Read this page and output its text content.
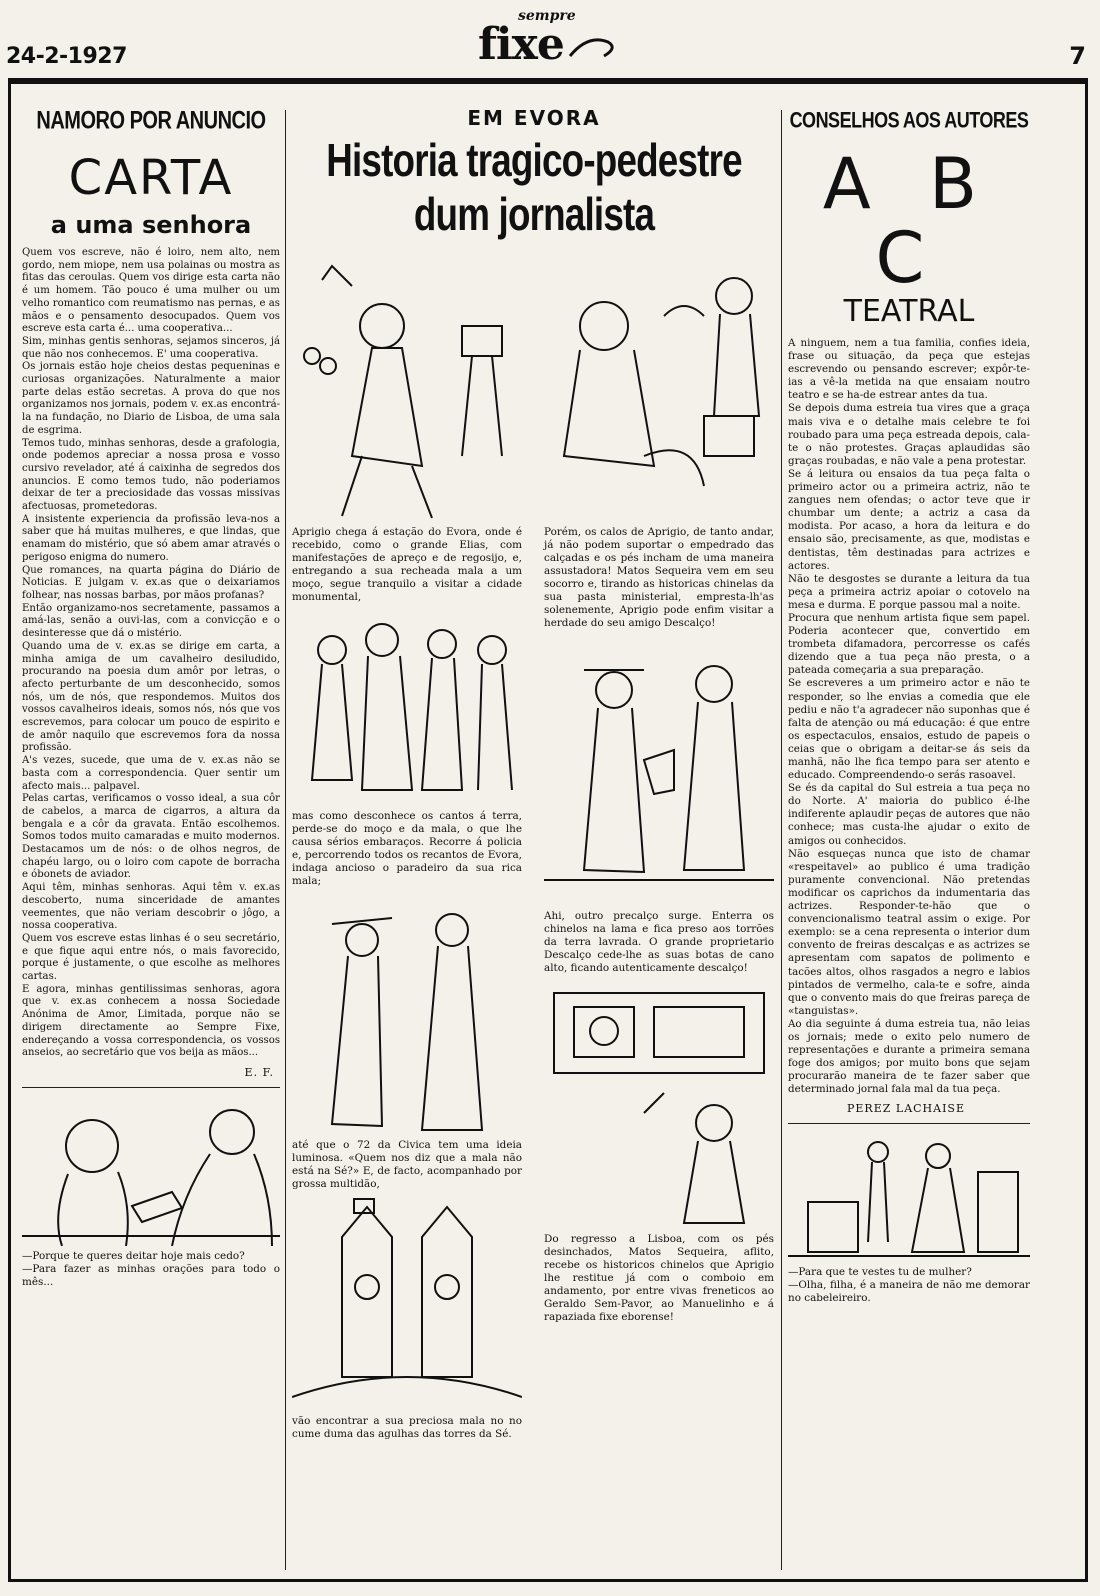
24-2-1927
sempre
fixe	7
NAMORO POR ANUNCIO
CARTA
a uma senhora
Quem vos escreve, não é loiro, nem alto, nem gordo, nem miope, nem usa polainas ou mostra as fitas das ceroulas. Quem vos dirige esta carta não é um homem. Tão pouco é uma mulher ou um velho romantico com reumatismo nas pernas, e as mãos e o pensamento desocupados. Quem vos escreve esta carta é... uma cooperativa...
Sim, minhas gentis senhoras, sejamos sinceros, já que não nos conhecemos. E' uma cooperativa.
Os jornais estão hoje cheios destas pequeninas e curiosas organizações. Naturalmente a maior parte delas estão secretas. A prova do que nos organizamos nos jornais, podem v. ex.as encontrá-la na fundação, no Diario de Lisboa, de uma sala de esgrima.
Temos tudo, minhas senhoras, desde a grafologia, onde podemos apreciar a nossa prosa e vosso cursivo revelador, até á caixinha de segredos dos anuncios. E como temos tudo, não poderiamos deixar de ter a preciosidade das vossas missivas afectuosas, prometedoras.
A insistente experiencia da profissão leva-nos a saber que há muitas mulheres, e que lindas, que enamam do mistério, que só abem amar através o perigoso enigma do numero.
Que romances, na quarta página do Diário de Noticias. E julgam v. ex.as que o deixariamos folhear, nas nossas barbas, por mãos profanas?
Então organizamo-nos secretamente, passamos a amá-las, senão a ouvi-las, com a convicção e o desinteresse que dá o mistério.
Quando uma de v. ex.as se dirige em carta, a minha amiga de um cavalheiro desiludido, procurando na poesia dum amôr por letras, o afecto perturbante de um desconhecido, somos nós, um de nós, que respondemos. Muitos dos vossos cavalheiros ideais, somos nós, nós que vos escrevemos, para colocar um pouco de espirito e de amôr naquilo que escrevemos fora da nossa profissão.
A's vezes, sucede, que uma de v. ex.as não se basta com a correspondencia. Quer sentir um afecto mais... palpavel.
Pelas cartas, verificamos o vosso ideal, a sua côr de cabelos, a marca de cigarros, a altura da bengala e a côr da gravata. Então escolhemos. Somos todos muito camaradas e muito modernos. Destacamos um de nós: o de olhos negros, de chapéu largo, ou o loiro com capote de borracha e óbonets de aviador.
Aqui têm, minhas senhoras. Aqui têm v. ex.as descoberto, numa sinceridade de amantes veementes, que não veriam descobrir o jôgo, a nossa cooperativa.
Quem vos escreve estas linhas é o seu secretário, e que fique aqui entre nós, o mais favorecido, porque é justamente, o que escolhe as melhores cartas.
E agora, minhas gentilissimas senhoras, agora que v. ex.as conhecem a nossa Sociedade Anónima de Amor, Limitada, porque não se dirigem directamente ao Sempre Fixe, endereçando a vossa correspondencia, os vossos anseios, ao secretário que vos beija as mãos...
E. F.
—Porque te queres deitar hoje mais cedo?
—Para fazer as minhas orações para todo o mês...
EM EVORA
Historia tragico-pedestre
dum jornalista
Aprigio chega á estação do Evora, onde é recebido, como o grande Elias, com manifestações de apreço e de regosijo, e, entregando a sua recheada mala a um moço, segue tranquilo a visitar a cidade monumental,
mas como desconhece os cantos á terra, perde-se do moço e da mala, o que lhe causa sérios embaraços. Recorre á policia e, percorrendo todos os recantos de Evora, indaga ancioso o paradeiro da sua rica mala;
até que o 72 da Civica tem uma ideia luminosa. «Quem nos diz que a mala não está na Sé?» E, de facto, acompanhado por grossa multidão,
vão encontrar a sua preciosa mala no no cume duma das agulhas das torres da Sé.
Porém, os calos de Aprigio, de tanto andar, já não podem suportar o empedrado das calçadas e os pés incham de uma maneira assustadora! Matos Sequeira vem em seu socorro e, tirando as historicas chinelas da sua pasta ministerial, empresta-lh'as solenemente, Aprigio pode enfim visitar a herdade do seu amigo Descalço!
Ahi, outro precalço surge. Enterra os chinelos na lama e fica preso aos torrões da terra lavrada. O grande proprietario Descalço cede-lhe as suas botas de cano alto, ficando autenticamente descalço!
Do regresso a Lisboa, com os pés desinchados, Matos Sequeira, aflito, recebe os historicos chinelos que Aprigio lhe restitue já com o comboio em andamento, por entre vivas freneticos ao Geraldo Sem-Pavor, ao Manuelinho e á rapaziada fixe eborense!
CONSELHOS AOS AUTORES
A B C
TEATRAL
A ninguem, nem a tua familia, confies ideia, frase ou situação, da peça que estejas escrevendo ou pensando escrever; expôr-te-ias a vê-la metida na que ensaiam noutro teatro e se ha-de estrear antes da tua.
Se depois duma estreia tua vires que a graça mais viva e o detalhe mais celebre te foi roubado para uma peça estreada depois, cala-te o não protestes. Graças aplaudidas são graças roubadas, e não vale a pena protestar.
Se á leitura ou ensaios da tua peça falta o primeiro actor ou a primeira actriz, não te zangues nem ofendas; o actor teve que ir chumbar um dente; a actriz a casa da modista. Por acaso, a hora da leitura e do ensaio são, precisamente, as que, modistas e dentistas, têm destinadas para actrizes e actores.
Não te desgostes se durante a leitura da tua peça a primeira actriz apoiar o cotovelo na mesa e durma. E porque passou mal a noite.
Procura que nenhum artista fique sem papel. Poderia acontecer que, convertido em trombeta difamadora, percorresse os cafés dizendo que a tua peça não presta, o a pateada começaria a sua preparação.
Se escreveres a um primeiro actor e não te responder, so lhe envias a comedia que ele pediu e não t'a agradecer não suponhas que é falta de atenção ou má educação: é que entre os espectaculos, ensaios, estudo de papeis o ceias que o obrigam a deitar-se ás seis da manhã, não lhe fica tempo para ser atento e educado. Compreendendo-o serás rasoavel.
Se és da capital do Sul estreia a tua peça no do Norte. A' maioria do publico é-lhe indiferente aplaudir peças de autores que não conhece; mas custa-lhe ajudar o exito de amigos ou conhecidos.
Não esqueças nunca que isto de chamar «respeitavel» ao publico é uma tradição puramente convencional. Não pretendas modificar os caprichos da indumentaria das actrizes. Responder-te-hão que o convencionalismo teatral assim o exige. Por exemplo: se a cena representa o interior dum convento de freiras descalças e as actrizes se apresentam com sapatos de polimento e tacões altos, olhos rasgados a negro e labios pintados de vermelho, cala-te e sofre, ainda que o convento mais do que freiras pareça de «tanguistas».
Ao dia seguinte á duma estreia tua, não leias os jornais; mede o exito pelo numero de representações e durante a primeira semana foge dos amigos; por muito bons que sejam procurarão maneira de te fazer saber que determinado jornal fala mal da tua peça.
PEREZ LACHAISE
—Para que te vestes tu de mulher?
—Olha, filha, é a maneira de não me demorar no cabeleireiro.
